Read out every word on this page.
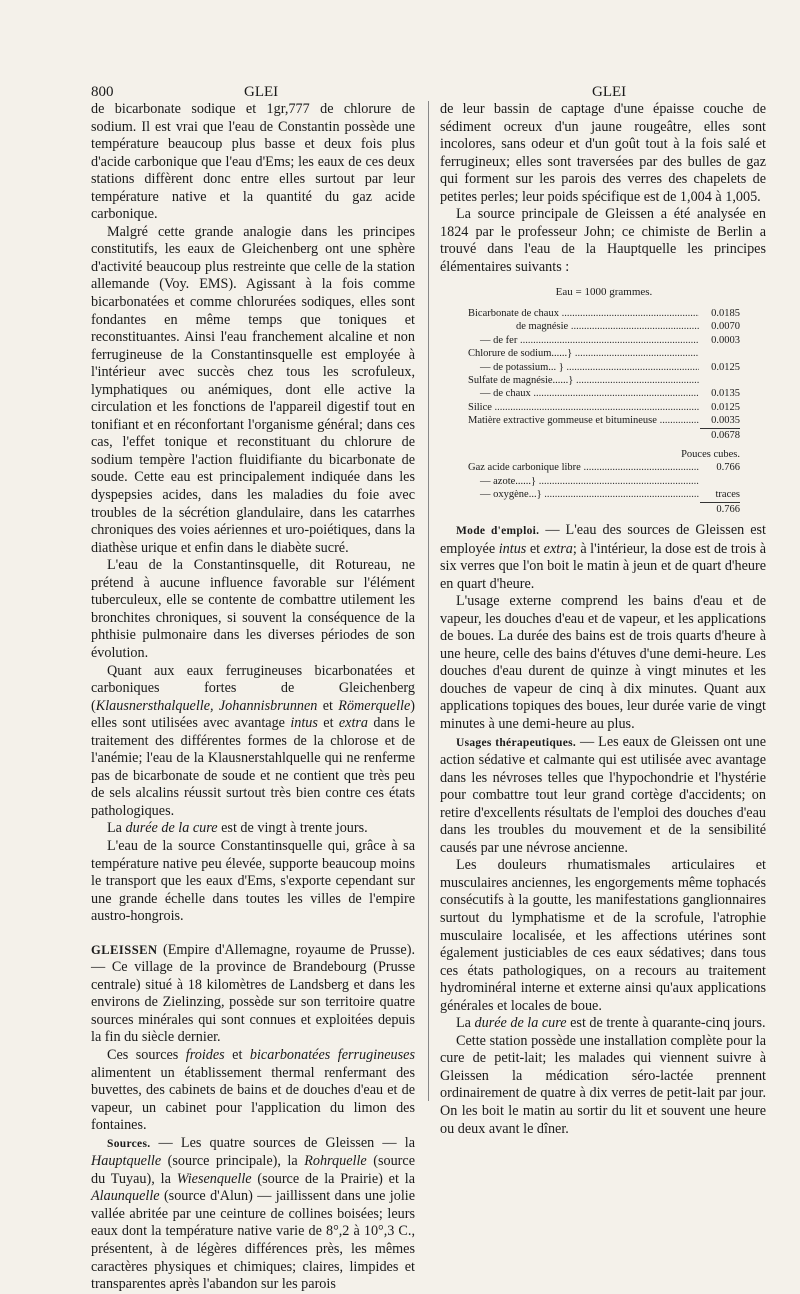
800	GLEI	GLEI

de bicarbonate sodique et 1gr,777 de chlorure de sodium. Il est vrai que l'eau de Constantin possède une température beaucoup plus basse et deux fois plus d'acide carbonique que l'eau d'Ems; les eaux de ces deux stations diffèrent donc entre elles surtout par leur température native et la quantité du gaz acide carbonique.

Malgré cette grande analogie dans les principes constitutifs, les eaux de Gleichenberg ont une sphère d'activité beaucoup plus restreinte que celle de la station allemande (Voy. EMS). Agissant à la fois comme bicarbonatées et comme chlorurées sodiques, elles sont fondantes en même temps que toniques et reconstituantes. Ainsi l'eau franchement alcaline et non ferrugineuse de la Constantinsquelle est employée à l'intérieur avec succès chez tous les scrofuleux, lymphatiques ou anémiques, dont elle active la circulation et les fonctions de l'appareil digestif tout en tonifiant et en réconfortant l'organisme général; dans ces cas, l'effet tonique et reconstituant du chlorure de sodium tempère l'action fluidifiante du bicarbonate de soude. Cette eau est principalement indiquée dans les dyspepsies acides, dans les maladies du foie avec troubles de la sécrétion glandulaire, dans les catarrhes chroniques des voies aériennes et uro-poiétiques, dans la diathèse urique et enfin dans le diabète sucré.

L'eau de la Constantinsquelle, dit Rotureau, ne prétend à aucune influence favorable sur l'élément tuberculeux, elle se contente de combattre utilement les bronchites chroniques, si souvent la conséquence de la phthisie pulmonaire dans les diverses périodes de son évolution.

Quant aux eaux ferrugineuses bicarbonatées et carboniques fortes de Gleichenberg (Klausnersthalquelle, Johannisbrunnen et Römerquelle) elles sont utilisées avec avantage intus et extra dans le traitement des différentes formes de la chlorose et de l'anémie; l'eau de la Klausnerstahlquelle qui ne renferme pas de bicarbonate de soude et ne contient que très peu de sels alcalins réussit surtout très bien contre ces états pathologiques.

La durée de la cure est de vingt à trente jours.

L'eau de la source Constantinsquelle qui, grâce à sa température native peu élevée, supporte beaucoup moins le transport que les eaux d'Ems, s'exporte cependant sur une grande échelle dans toutes les villes de l'empire austro-hongrois.

GLEISSEN (Empire d'Allemagne, royaume de Prusse). — Ce village de la province de Brandebourg (Prusse centrale) situé à 18 kilomètres de Landsberg et dans les environs de Zielinzing, possède sur son territoire quatre sources minérales qui sont connues et exploitées depuis la fin du siècle dernier.

Ces sources froides et bicarbonatées ferrugineuses alimentent un établissement thermal renfermant des buvettes, des cabinets de bains et de douches d'eau et de vapeur, un cabinet pour l'application du limon des fontaines.

Sources. — Les quatre sources de Gleissen — la Hauptquelle (source principale), la Rohrquelle (source du Tuyau), la Wiesenquelle (source de la Prairie) et la Alaunquelle (source d'Alun) — jaillissent dans une jolie vallée abritée par une ceinture de collines boisées; leurs eaux dont la température native varie de 8°,2 à 10°,3 C., présentent, à de légères différences près, les mêmes caractères physiques et chimiques; claires, limpides et transparentes après l'abandon sur les parois

de leur bassin de captage d'une épaisse couche de sédiment ocreux d'un jaune rougeâtre, elles sont incolores, sans odeur et d'un goût tout à la fois salé et ferrugineux; elles sont traversées par des bulles de gaz qui forment sur les parois des verres des chapelets de petites perles; leur poids spécifique est de 1,004 à 1,005.

La source principale de Gleissen a été analysée en 1824 par le professeur John; ce chimiste de Berlin a trouvé dans l'eau de la Hauptquelle les principes élémentaires suivants :

Eau = 1000 grammes.
Bicarbonate de chaux .....	0.0185
de magnésie .....	0.0070
— de fer .....	0.0003
Chlorure de sodium......} .....
— de potassium... } .....	0.0125
Sulfate de magnésie......} .....
— de chaux .....	0.0135
Silice .....	0.0125
Matière extractive gommeuse et bitumineuse .....	0.0035
0.0678
Pouces cubes.
Gaz acide carbonique libre .....	0.766
— azote......} .....
— oxygène...} .....	traces
0.766

Mode d'emploi. — L'eau des sources de Gleissen est employée intus et extra; à l'intérieur, la dose est de trois à six verres que l'on boit le matin à jeun et de quart d'heure en quart d'heure.

L'usage externe comprend les bains d'eau et de vapeur, les douches d'eau et de vapeur, et les applications de boues. La durée des bains est de trois quarts d'heure à une heure, celle des bains d'étuves d'une demi-heure. Les douches d'eau durent de quinze à vingt minutes et les douches de vapeur de cinq à dix minutes. Quant aux applications topiques des boues, leur durée varie de vingt minutes à une demi-heure au plus.

Usages thérapeutiques. — Les eaux de Gleissen ont une action sédative et calmante qui est utilisée avec avantage dans les névroses telles que l'hypochondrie et l'hystérie pour combattre tout leur grand cortège d'accidents; on retire d'excellents résultats de l'emploi des douches d'eau dans les troubles du mouvement et de la sensibilité causés par une névrose ancienne.

Les douleurs rhumatismales articulaires et musculaires anciennes, les engorgements même tophacés consécutifs à la goutte, les manifestations ganglionnaires surtout du lymphatisme et de la scrofule, l'atrophie musculaire localisée, et les affections utérines sont également justiciables de ces eaux sédatives; dans tous ces états pathologiques, on a recours au traitement hydrominéral interne et externe ainsi qu'aux applications générales et locales de boue.

La durée de la cure est de trente à quarante-cinq jours.

Cette station possède une installation complète pour la cure de petit-lait; les malades qui viennent suivre à Gleissen la médication séro-lactée prennent ordinairement de quatre à dix verres de petit-lait par jour. On les boit le matin au sortir du lit et souvent une heure ou deux avant le dîner.
